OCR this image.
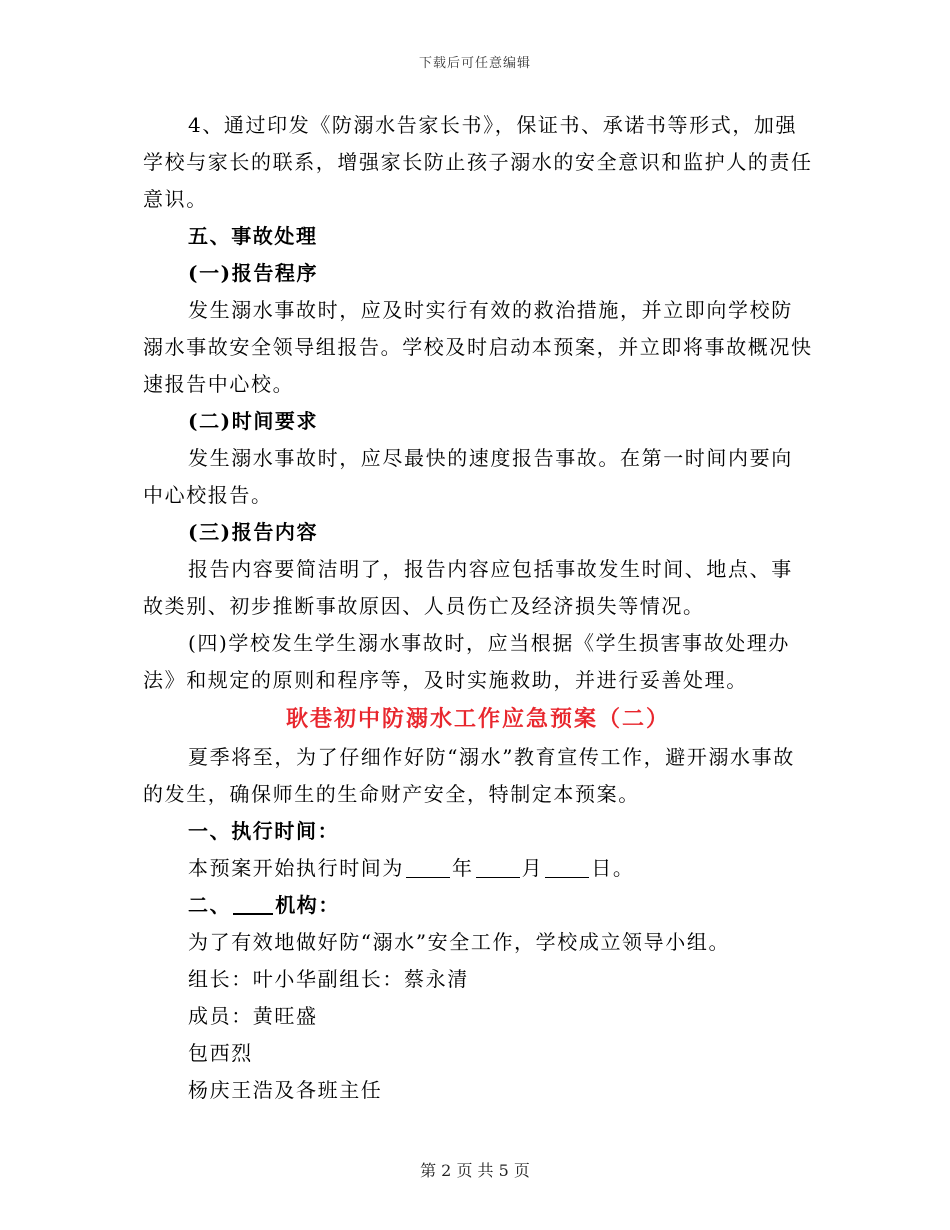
下载后可任意编辑

4、通过印发《防溺水告家长书》，保证书、承诺书等形式，加强学校与家长的联系，增强家长防止孩子溺水的安全意识和监护人的责任意识。

五、事故处理

(一)报告程序

发生溺水事故时，应及时实行有效的救治措施，并立即向学校防溺水事故安全领导组报告。学校及时启动本预案，并立即将事故概况快速报告中心校。

(二)时间要求

发生溺水事故时，应尽最快的速度报告事故。在第一时间内要向中心校报告。

(三)报告内容

报告内容要简洁明了，报告内容应包括事故发生时间、地点、事故类别、初步推断事故原因、人员伤亡及经济损失等情况。

(四)学校发生学生溺水事故时，应当根据《学生损害事故处理办法》和规定的原则和程序等，及时实施救助，并进行妥善处理。

耿巷初中防溺水工作应急预案（二）

夏季将至，为了仔细作好防“溺水”教育宣传工作，避开溺水事故的发生，确保师生的生命财产安全，特制定本预案。

一、执行时间：

本预案开始执行时间为 年 月 日。

二、 机构：

为了有效地做好防“溺水”安全工作，学校成立领导小组。

组长：叶小华副组长：蔡永清

成员：黄旺盛

包西烈

杨庆王浩及各班主任

第 2 页 共 5 页
